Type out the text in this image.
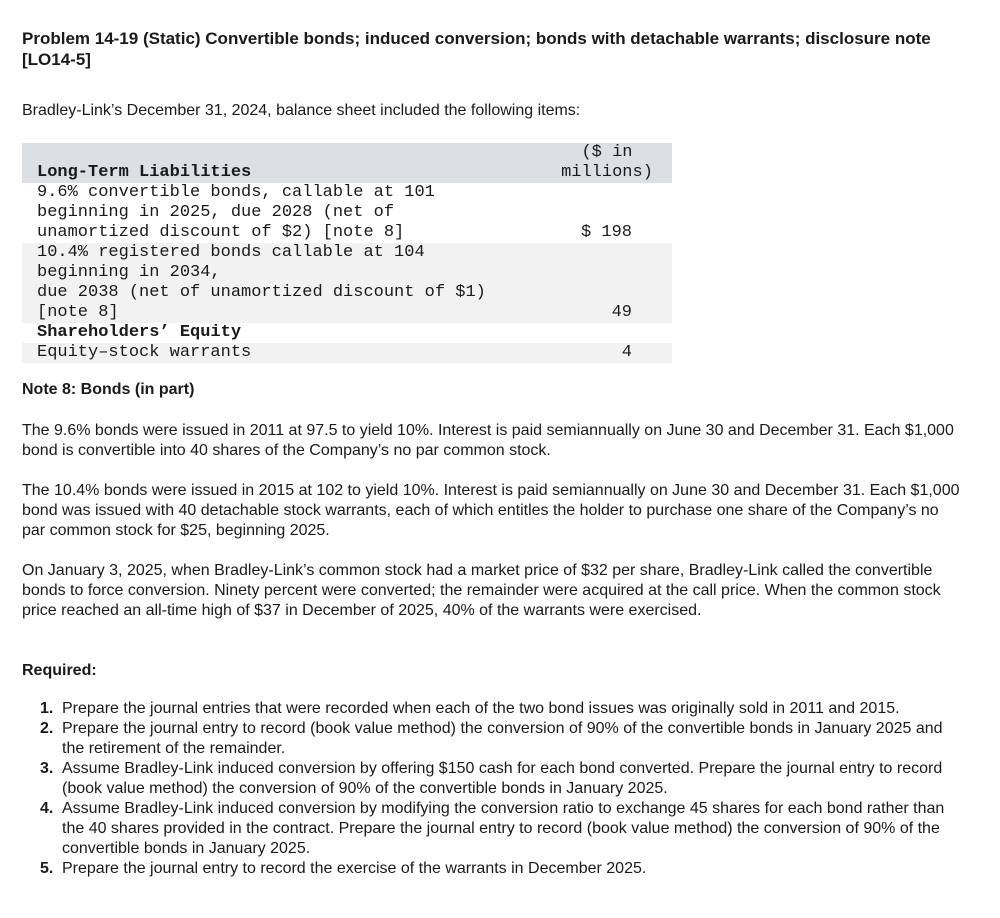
Problem 14-19 (Static) Convertible bonds; induced conversion; bonds with detachable warrants; disclosure note [LO14-5]
Bradley-Link’s December 31, 2024, balance sheet included the following items:
Long-Term Liabilities
($ in
millions)
9.6% convertible bonds, callable at 101
beginning in 2025, due 2028 (net of
unamortized discount of $2) [note 8]	$ 198
10.4% registered bonds callable at 104
beginning in 2034,
due 2038 (net of unamortized discount of $1)
[note 8]	49
Shareholders’ Equity
Equity–stock warrants	4
Note 8: Bonds (in part)

The 9.6% bonds were issued in 2011 at 97.5 to yield 10%. Interest is paid semiannually on June 30 and December 31. Each $1,000 bond is convertible into 40 shares of the Company’s no par common stock.

The 10.4% bonds were issued in 2015 at 102 to yield 10%. Interest is paid semiannually on June 30 and December 31. Each $1,000 bond was issued with 40 detachable stock warrants, each of which entitles the holder to purchase one share of the Company’s no par common stock for $25, beginning 2025.

On January 3, 2025, when Bradley-Link’s common stock had a market price of $32 per share, Bradley-Link called the convertible bonds to force conversion. Ninety percent were converted; the remainder were acquired at the call price. When the common stock price reached an all-time high of $37 in December of 2025, 40% of the warrants were exercised.

Required:
1. Prepare the journal entries that were recorded when each of the two bond issues was originally sold in 2011 and 2015.
2. Prepare the journal entry to record (book value method) the conversion of 90% of the convertible bonds in January 2025 and the retirement of the remainder.
3. Assume Bradley-Link induced conversion by offering $150 cash for each bond converted. Prepare the journal entry to record (book value method) the conversion of 90% of the convertible bonds in January 2025.
4. Assume Bradley-Link induced conversion by modifying the conversion ratio to exchange 45 shares for each bond rather than the 40 shares provided in the contract. Prepare the journal entry to record (book value method) the conversion of 90% of the convertible bonds in January 2025.
5. Prepare the journal entry to record the exercise of the warrants in December 2025.
